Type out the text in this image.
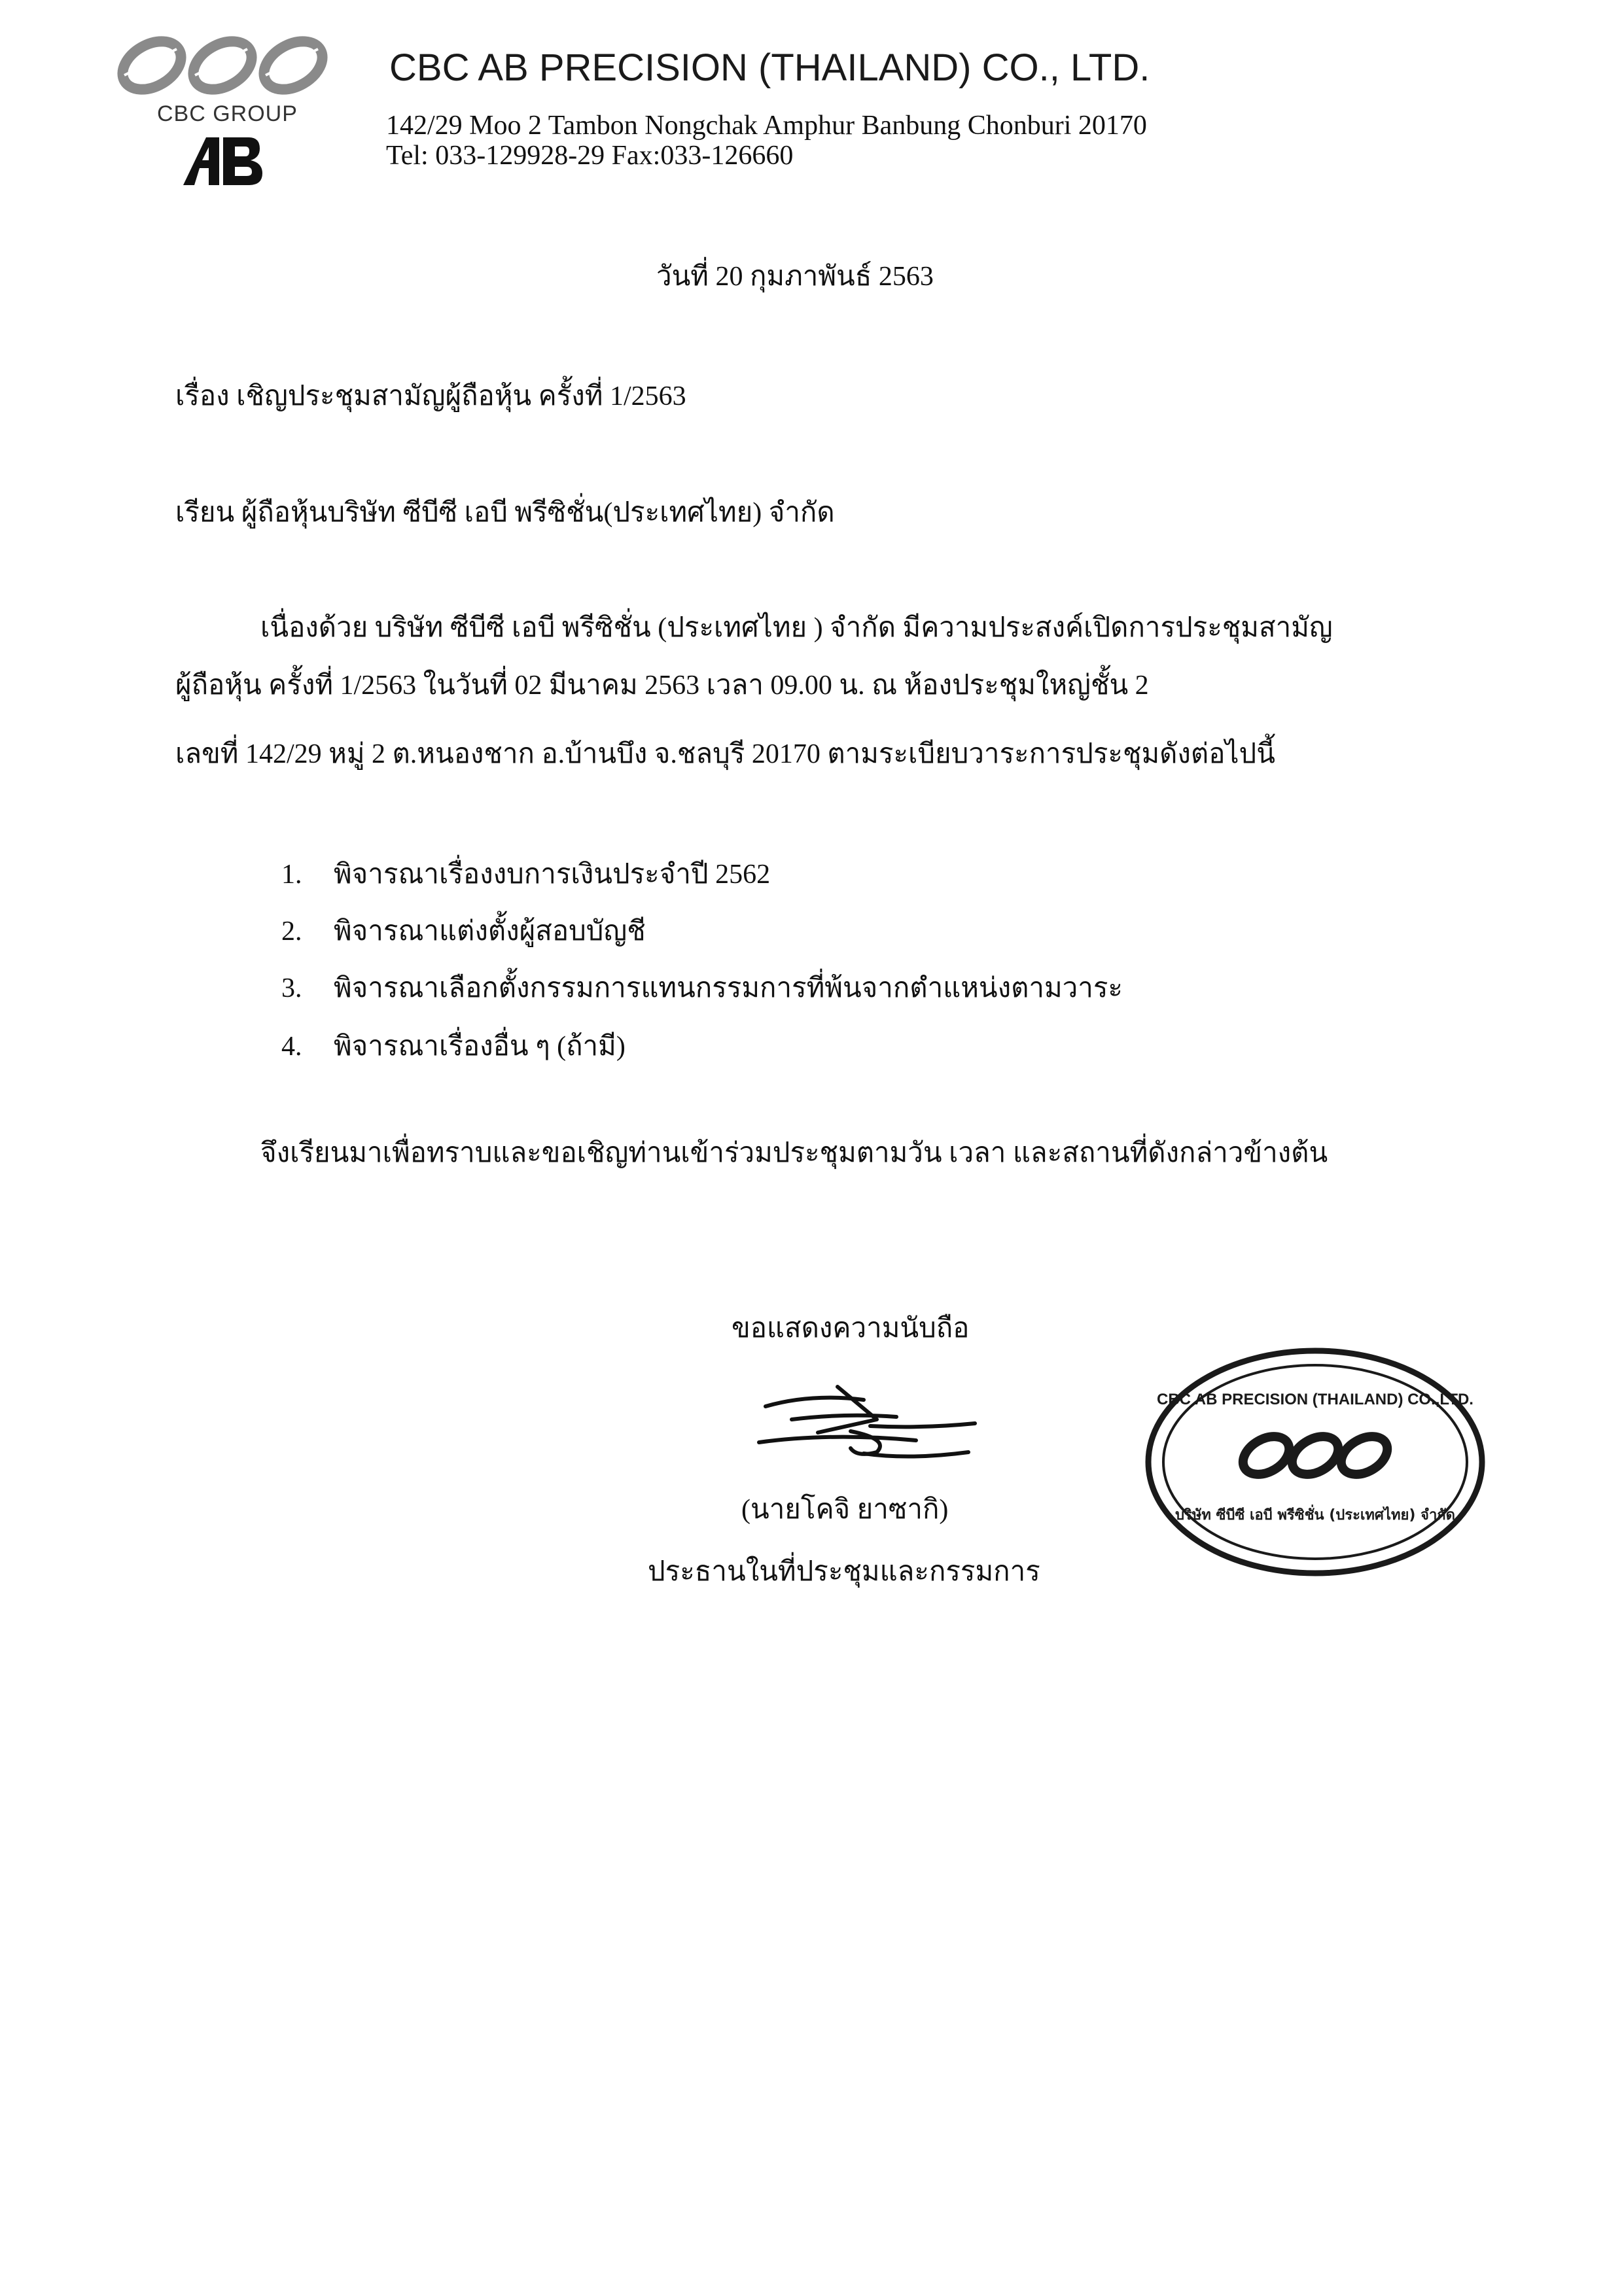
CBC GROUP
AB
CBC AB PRECISION (THAILAND) CO., LTD.
142/29 Moo 2 Tambon Nongchak Amphur Banbung Chonburi 20170
Tel: 033-129928-29 Fax:033-126660
วันที่ 20 กุมภาพันธ์ 2563
เรื่อง เชิญประชุมสามัญผู้ถือหุ้น ครั้งที่ 1/2563
เรียน ผู้ถือหุ้นบริษัท ซีบีซี เอบี พรีซิชั่น(ประเทศไทย) จำกัด
เนื่องด้วย บริษัท ซีบีซี เอบี พรีซิชั่น (ประเทศไทย ) จำกัด มีความประสงค์เปิดการประชุมสามัญ
ผู้ถือหุ้น ครั้งที่ 1/2563 ในวันที่ 02 มีนาคม 2563 เวลา 09.00 น. ณ ห้องประชุมใหญ่ชั้น 2
เลขที่ 142/29 หมู่ 2 ต.หนองชาก อ.บ้านบึง จ.ชลบุรี 20170 ตามระเบียบวาระการประชุมดังต่อไปนี้
1. พิจารณาเรื่องงบการเงินประจำปี 2562
2. พิจารณาแต่งตั้งผู้สอบบัญชี
3. พิจารณาเลือกตั้งกรรมการแทนกรรมการที่พ้นจากตำแหน่งตามวาระ
4. พิจารณาเรื่องอื่น ๆ (ถ้ามี)
จึงเรียนมาเพื่อทราบและขอเชิญท่านเข้าร่วมประชุมตามวัน เวลา และสถานที่ดังกล่าวข้างต้น
ขอแสดงความนับถือ
(นายโคจิ ยาซากิ)
ประธานในที่ประชุมและกรรมการ
CBC AB PRECISION (THAILAND) CO.,LTD.
บริษัท ซีบีซี เอบี พรีซิชั่น (ประเทศไทย) จำกัด
